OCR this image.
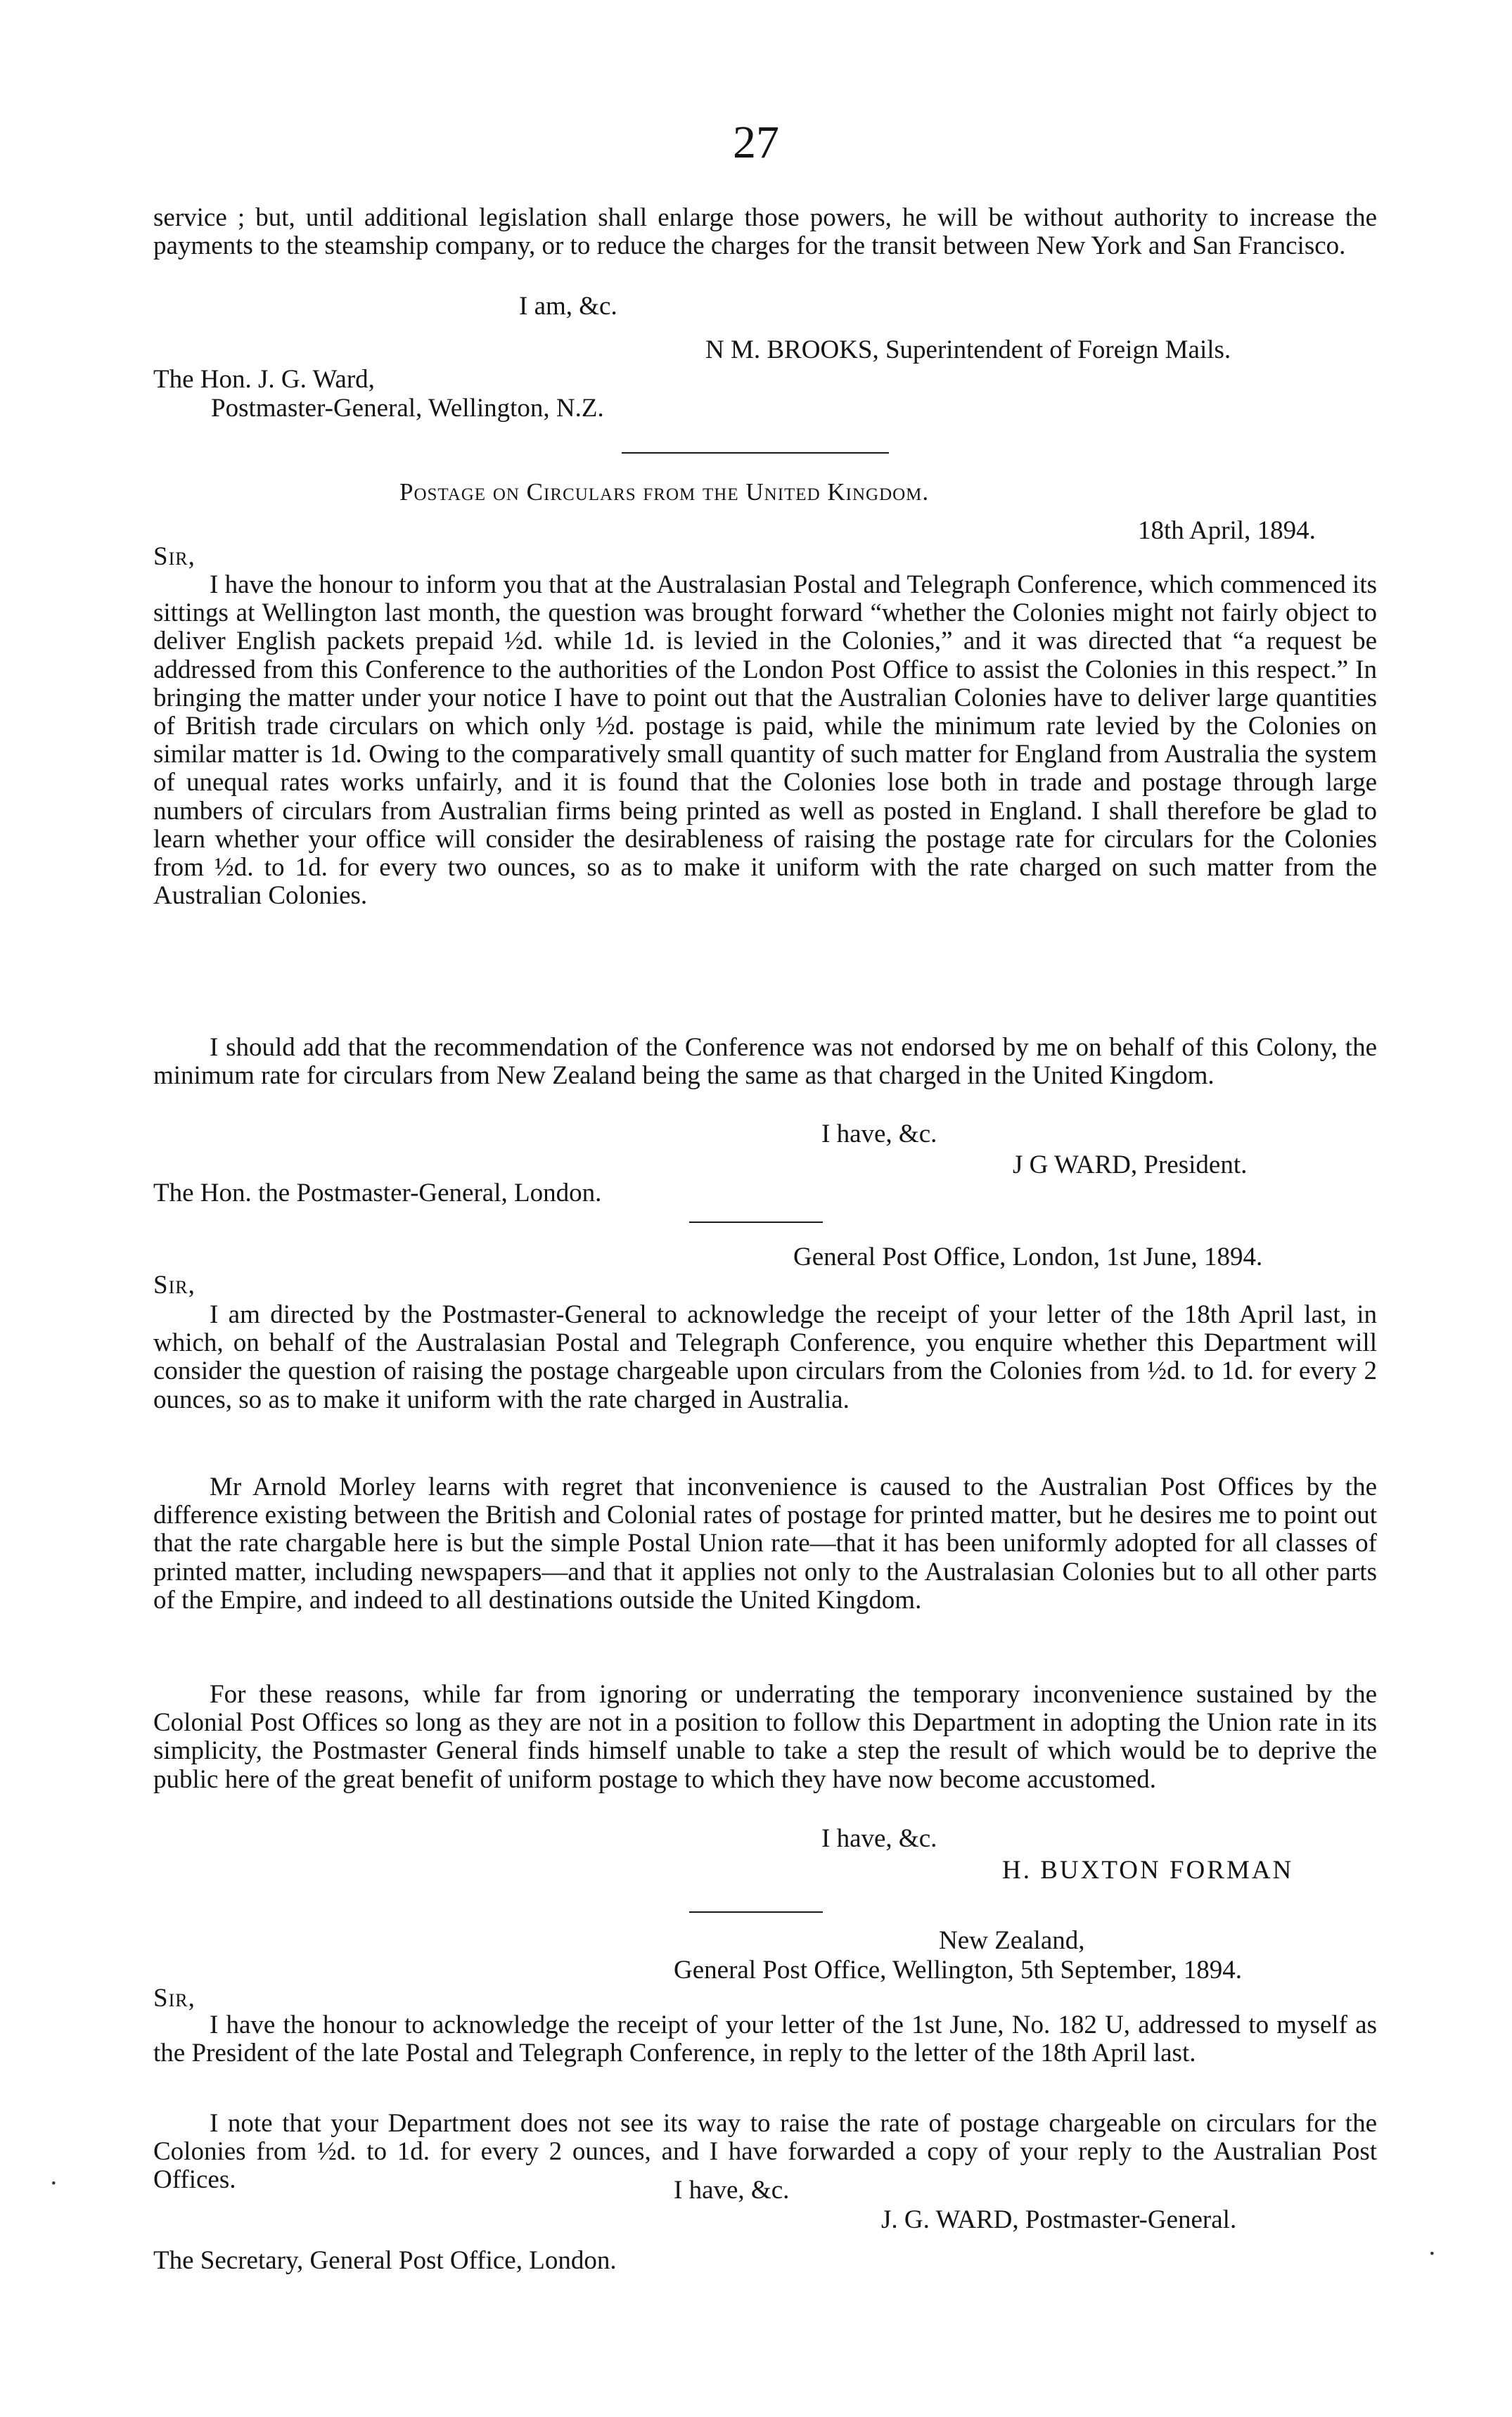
27
service ; but, until additional legislation shall enlarge those powers, he will be without authority to increase the payments to the steamship company, or to reduce the charges for the transit between New York and San Francisco.
I am, &c.
N M. BROOKS, Superintendent of Foreign Mails.
The Hon. J. G. Ward,
Postmaster-General, Wellington, N.Z.
Postage on Circulars from the United Kingdom.
18th April, 1894.
Sir,
I have the honour to inform you that at the Australasian Postal and Telegraph Conference, which commenced its sittings at Wellington last month, the question was brought forward “whether the Colonies might not fairly object to deliver English packets prepaid ½d. while 1d. is levied in the Colonies,” and it was directed that “a request be addressed from this Conference to the authorities of the London Post Office to assist the Colonies in this respect.” In bringing the matter under your notice I have to point out that the Australian Colonies have to deliver large quantities of British trade circulars on which only ½d. postage is paid, while the minimum rate levied by the Colonies on similar matter is 1d. Owing to the comparatively small quantity of such matter for England from Australia the system of unequal rates works unfairly, and it is found that the Colonies lose both in trade and postage through large numbers of circulars from Australian firms being printed as well as posted in England. I shall therefore be glad to learn whether your office will consider the desirableness of raising the postage rate for circulars for the Colonies from ½d. to 1d. for every two ounces, so as to make it uniform with the rate charged on such matter from the Australian Colonies.
I should add that the recommendation of the Conference was not endorsed by me on behalf of this Colony, the minimum rate for circulars from New Zealand being the same as that charged in the United Kingdom.
I have, &c.
J G WARD, President.
The Hon. the Postmaster-General, London.
General Post Office, London, 1st June, 1894.
Sir,
I am directed by the Postmaster-General to acknowledge the receipt of your letter of the 18th April last, in which, on behalf of the Australasian Postal and Telegraph Conference, you enquire whether this Department will consider the question of raising the postage chargeable upon circulars from the Colonies from ½d. to 1d. for every 2 ounces, so as to make it uniform with the rate charged in Australia.
Mr Arnold Morley learns with regret that inconvenience is caused to the Australian Post Offices by the difference existing between the British and Colonial rates of postage for printed matter, but he desires me to point out that the rate chargable here is but the simple Postal Union rate—that it has been uniformly adopted for all classes of printed matter, including newspapers—and that it applies not only to the Australasian Colonies but to all other parts of the Empire, and indeed to all destinations outside the United Kingdom.
For these reasons, while far from ignoring or underrating the temporary inconvenience sustained by the Colonial Post Offices so long as they are not in a position to follow this Department in adopting the Union rate in its simplicity, the Postmaster General finds himself unable to take a step the result of which would be to deprive the public here of the great benefit of uniform postage to which they have now become accustomed.
I have, &c.
H. BUXTON FORMAN
New Zealand,
General Post Office, Wellington, 5th September, 1894.
Sir,
I have the honour to acknowledge the receipt of your letter of the 1st June, No. 182 U, addressed to myself as the President of the late Postal and Telegraph Conference, in reply to the letter of the 18th April last.
I note that your Department does not see its way to raise the rate of postage chargeable on circulars for the Colonies from ½d. to 1d. for every 2 ounces, and I have forwarded a copy of your reply to the Australian Post Offices.	I have, &c.
J. G. WARD, Postmaster-General.
The Secretary, General Post Office, London.
·
·
